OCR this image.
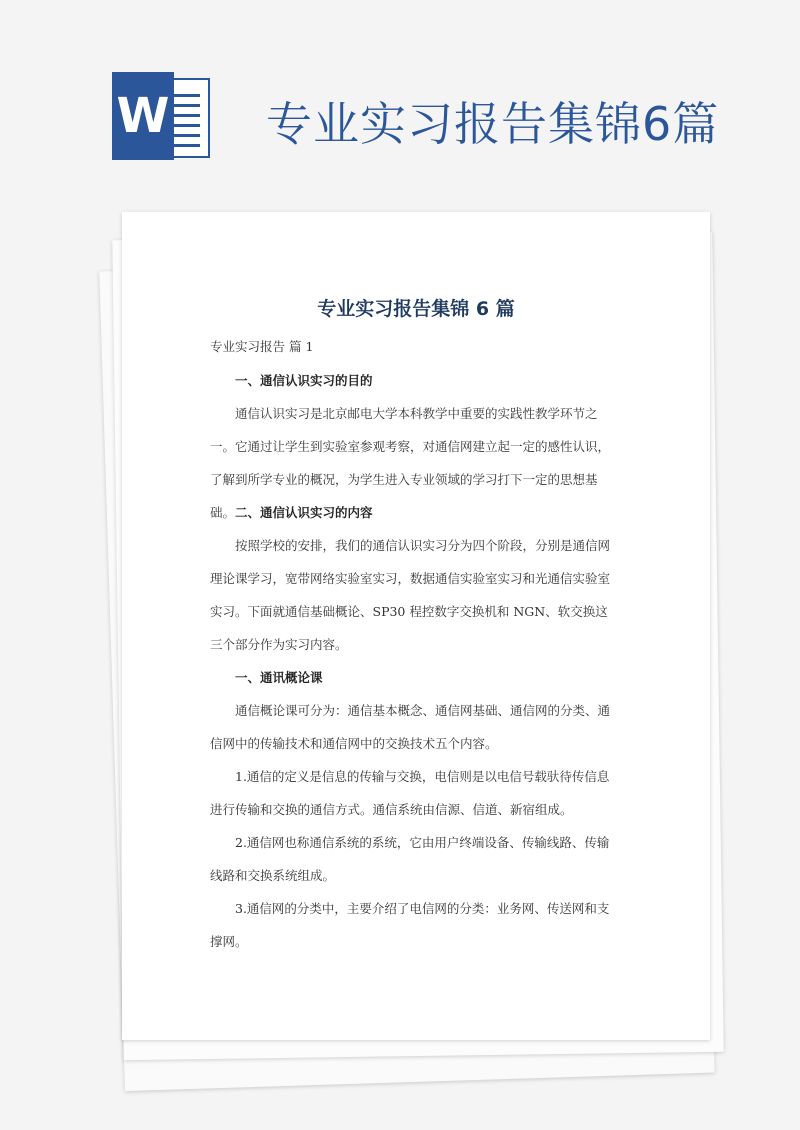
W 专业实习报告集锦6篇
专业实习报告集锦 6 篇
专业实习报告 篇 1
一、通信认识实习的目的
通信认识实习是北京邮电大学本科教学中重要的实践性教学环节之一。 它通过让学生到实验室参观考察，对通信网建立起一定的感性认识，了解到所学专业的概况，为学生进入专业领域的学习打下一定的思想基础。 二、通信认识实习的内容
按照学校的安排，我们的通信认识实习分为四个阶段，分别是通信网理论课学习，宽带网络实验室实习，数据通信实验室实习和光通信实验室实习。下面就通信基础概论、SP30 程控数字交换机和 NGN、软交换这三个部分作为实习内容。
一、通讯概论课
通信概论课可分为：通信基本概念、通信网基础、通信网的分类、通信网中的传输技术和通信网中的交换技术五个内容。
1.通信的定义是信息的传输与交换，电信则是以电信号载驮待传信息进行传输和交换的通信方式。通信系统由信源、信道、新宿组成。
2.通信网也称通信系统的系统，它由用户终端设备、传输线路、传输线路和交换系统组成。
3.通信网的分类中，主要介绍了电信网的分类：业务网、传送网和支撑网。
